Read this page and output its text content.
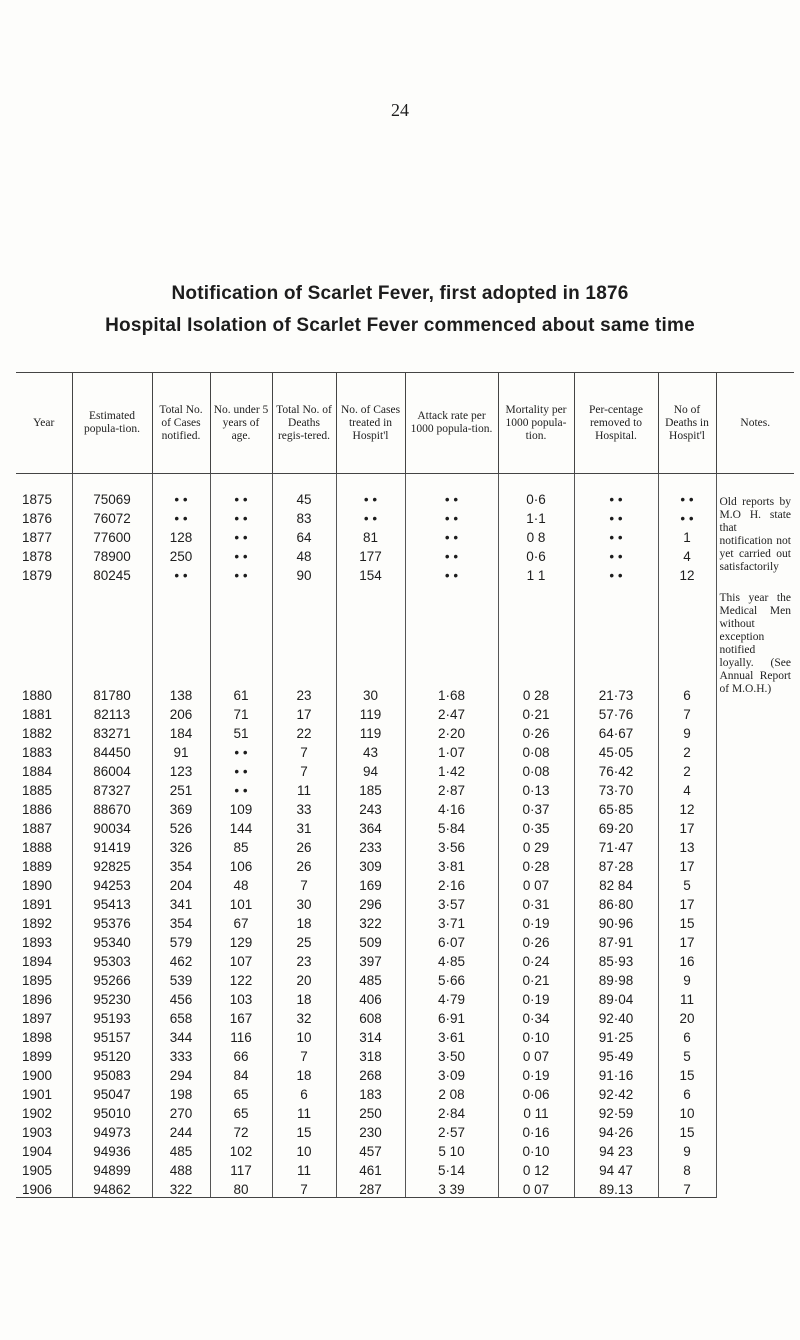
24
Notification of Scarlet Fever, first adopted in 1876
Hospital Isolation of Scarlet Fever commenced about same time
Year	Estimated popula-tion.	Total No. of Cases notified.	No. under 5 years of age.	Total No. of Deaths regis-tered.	No. of Cases treated in Hospit'l	Attack rate per 1000 popula-tion.	Mortality per 1000 popula-tion.	Per-centage removed to Hospital.	No of Deaths in Hospit'l	Notes.
1875	75069	• •	• •	45	• •	• •	0·6	• •	• •	Old reports by M.O H. state that notification not yet carried out satisfactorily

This year the Medical Men without exception notified loyally. (See Annual Report of M.O.H.)

1876	76072	• •	• •	83	• •	• •	1·1	• •	• •	
1877	77600	128	• •	64	81	• •	0 8	• •	1	
1878	78900	250	• •	48	177	• •	0·6	• •	4	
1879	80245	• •	• •	90	154	• •	1 1	• •	12	
1880	81780	138	61	23	30	1·68	0 28	21·73	6	
1881	82113	206	71	17	119	2·47	0·21	57·76	7	
1882	83271	184	51	22	119	2·20	0·26	64·67	9	
1883	84450	91	• •	7	43	1·07	0·08	45·05	2	
1884	86004	123	• •	7	94	1·42	0·08	76·42	2	
1885	87327	251	• •	11	185	2·87	0·13	73·70	4	
1886	88670	369	109	33	243	4·16	0·37	65·85	12	
1887	90034	526	144	31	364	5·84	0·35	69·20	17	
1888	91419	326	85	26	233	3·56	0 29	71·47	13	
1889	92825	354	106	26	309	3·81	0·28	87·28	17	
1890	94253	204	48	7	169	2·16	0 07	82 84	5	
1891	95413	341	101	30	296	3·57	0·31	86·80	17	
1892	95376	354	67	18	322	3·71	0·19	90·96	15	
1893	95340	579	129	25	509	6·07	0·26	87·91	17	
1894	95303	462	107	23	397	4·85	0·24	85·93	16	
1895	95266	539	122	20	485	5·66	0·21	89·98	9	
1896	95230	456	103	18	406	4·79	0·19	89·04	11	
1897	95193	658	167	32	608	6·91	0·34	92·40	20	
1898	95157	344	116	10	314	3·61	0·10	91·25	6	
1899	95120	333	66	7	318	3·50	0 07	95·49	5	
1900	95083	294	84	18	268	3·09	0·19	91·16	15	
1901	95047	198	65	6	183	2 08	0·06	92·42	6	
1902	95010	270	65	11	250	2·84	0 11	92·59	10	
1903	94973	244	72	15	230	2·57	0·16	94·26	15	
1904	94936	485	102	10	457	5 10	0·10	94 23	9	
1905	94899	488	117	11	461	5·14	0 12	94 47	8	
1906	94862	322	80	7	287	3 39	0 07	89.13	7	
